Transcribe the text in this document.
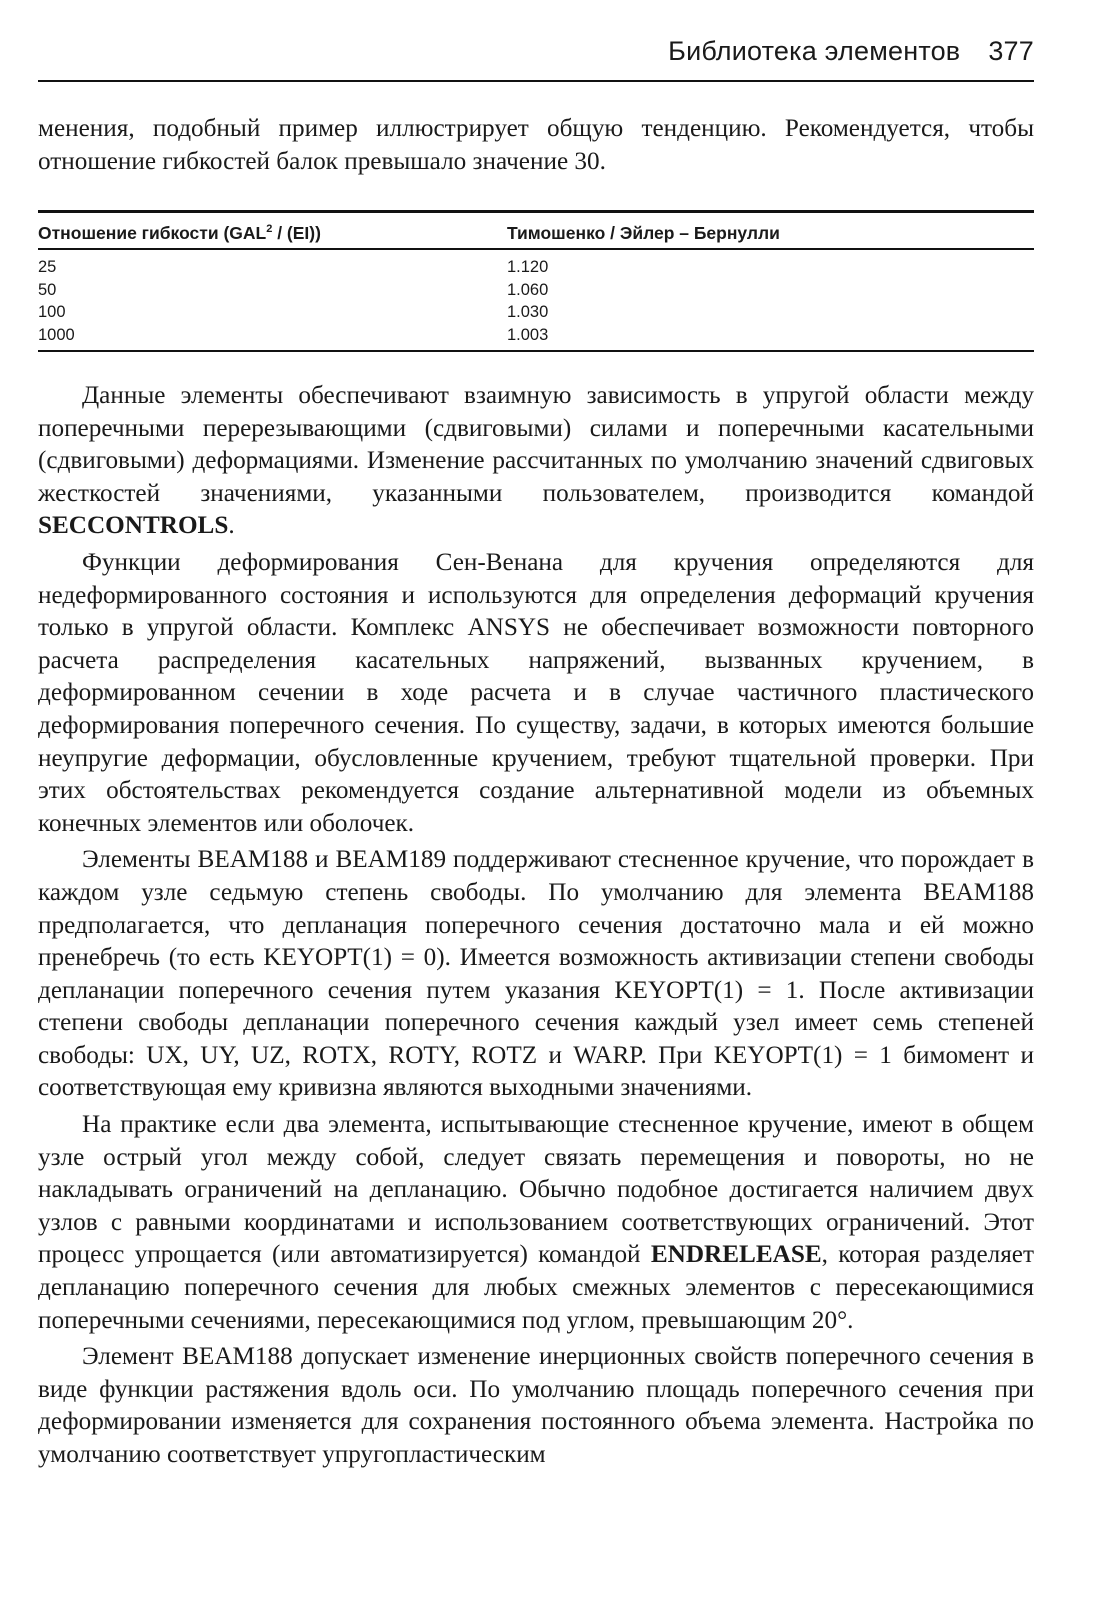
Библиотека элементов 377

менения, подобный пример иллюстрирует общую тенденцию. Рекомендуется, чтобы отношение гибкостей балок превышало значение 30.

Отношение гибкости (GAL$^2$ / (EI))	Тимошенко / Эйлер – Бернулли
25	1.120
50	1.060
100	1.030
1000	1.003

Данные элементы обеспечивают взаимную зависимость в упругой области между поперечными перерезывающими (сдвиговыми) силами и поперечными касательными (сдвиговыми) деформациями. Изменение рассчитанных по умолчанию значений сдвиговых жесткостей значениями, указанными пользователем, производится командой SECCONTROLS.

Функции деформирования Сен-Венана для кручения определяются для недеформированного состояния и используются для определения деформаций кручения только в упругой области. Комплекс ANSYS не обеспечивает возможности повторного расчета распределения касательных напряжений, вызванных кручением, в деформированном сечении в ходе расчета и в случае частичного пластического деформирования поперечного сечения. По существу, задачи, в которых имеются большие неупругие деформации, обусловленные кручением, требуют тщательной проверки. При этих обстоятельствах рекомендуется создание альтернативной модели из объемных конечных элементов или оболочек.

Элементы BEAM188 и BEAM189 поддерживают стесненное кручение, что порождает в каждом узле седьмую степень свободы. По умолчанию для элемента BEAM188 предполагается, что депланация поперечного сечения достаточно мала и ей можно пренебречь (то есть KEYOPT(1) = 0). Имеется возможность активизации степени свободы депланации поперечного сечения путем указания KEYOPT(1) = 1. После активизации степени свободы депланации поперечного сечения каждый узел имеет семь степеней свободы: UX, UY, UZ, ROTX, ROTY, ROTZ и WARP. При KEYOPT(1) = 1 бимомент и соответствующая ему кривизна являются выходными значениями.

На практике если два элемента, испытывающие стесненное кручение, имеют в общем узле острый угол между собой, следует связать перемещения и повороты, но не накладывать ограничений на депланацию. Обычно подобное достигается наличием двух узлов с равными координатами и использованием соответствующих ограничений. Этот процесс упрощается (или автоматизируется) командой ENDRELEASE, которая разделяет депланацию поперечного сечения для любых смежных элементов с пересекающимися поперечными сечениями, пересекающимися под углом, превышающим 20°.

Элемент BEAM188 допускает изменение инерционных свойств поперечного сечения в виде функции растяжения вдоль оси. По умолчанию площадь поперечного сечения при деформировании изменяется для сохранения постоянного объема элемента. Настройка по умолчанию соответствует упругопластическим
